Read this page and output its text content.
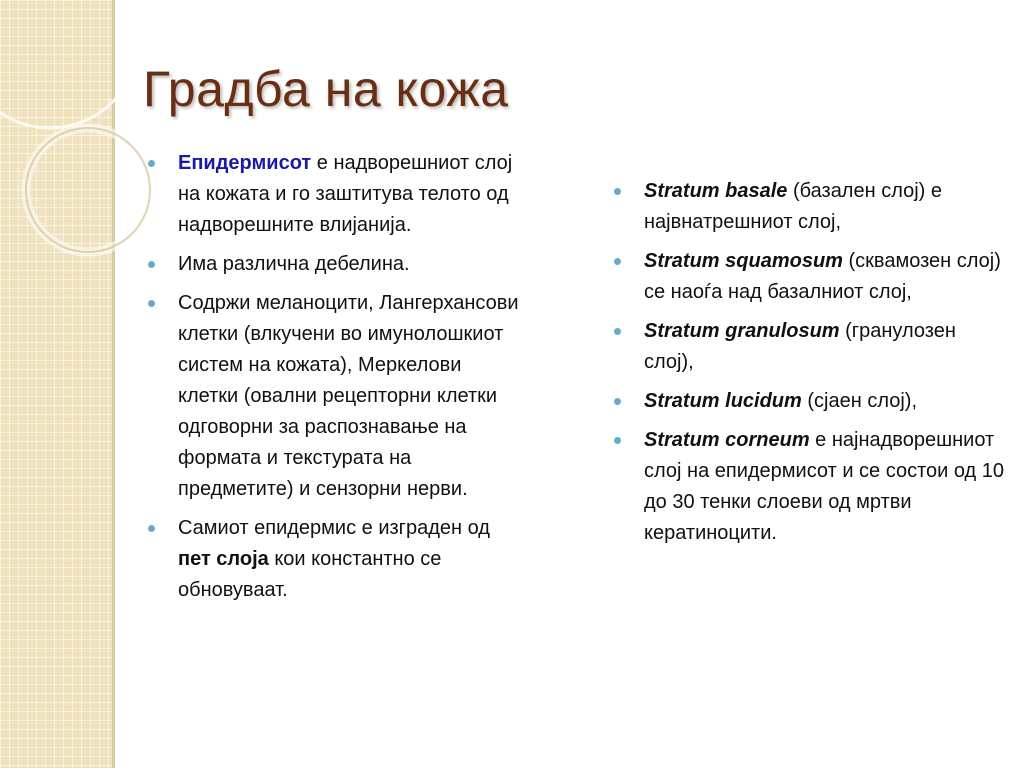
Градба на кожа
Епидермисот е надворешниот слој на кожата и го заштитува телото од надворешните влијанија.
Има различна дебелина.
Содржи меланоцити, Лангерхансови клетки (влкучени во имунолошкиот систем на кожата), Меркелови клетки (овални рецепторни клетки одговорни за распознавање на формата и текстурата на предметите) и сензорни нерви.
Самиот епидермис е изграден од пет слоја кои константно се обновуваат.
Stratum basale (базален слој) е највнатрешниот слој,
Stratum squamosum (сквамозен слој) се наоѓа над базалниот слој,
Stratum granulosum (гранулозен слој),
Stratum lucidum (сјаен слој),
Stratum corneum е најнадворешниот слој на епидермисот и се состои од 10 до 30 тенки слоеви од мртви кератиноцити.
